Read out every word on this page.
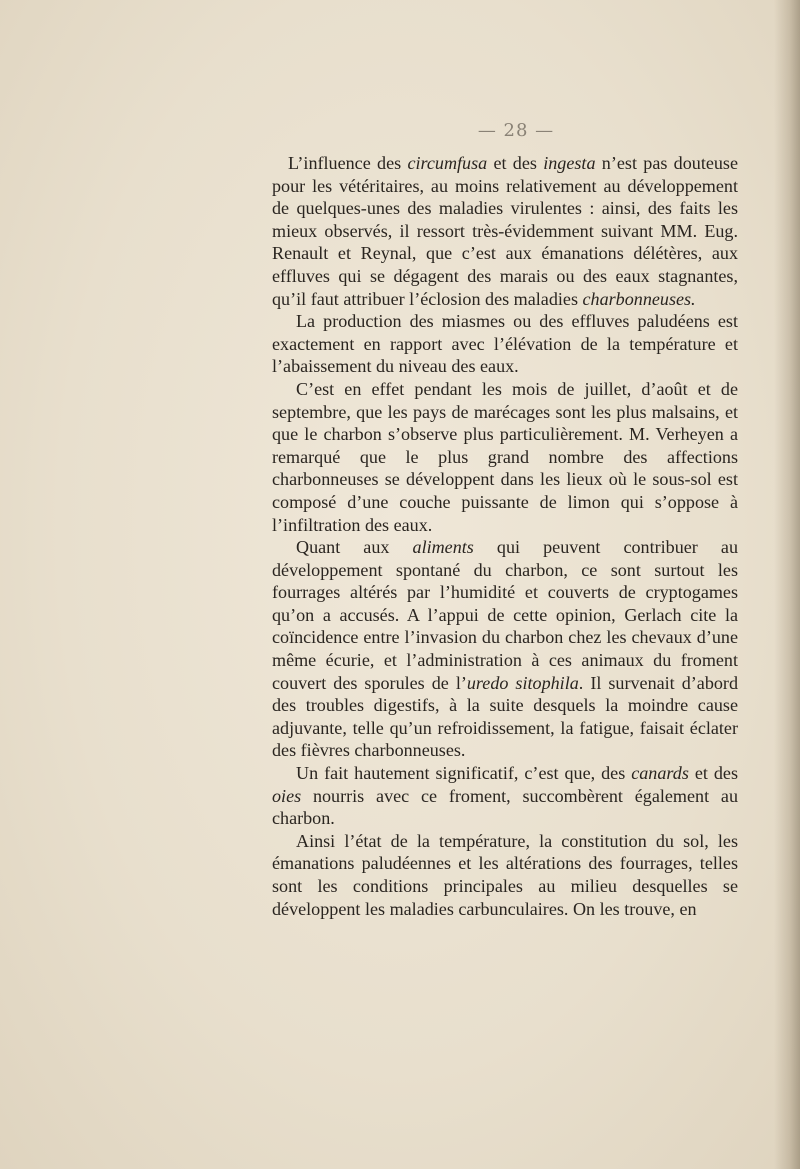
— 28 —

L’influence des circumfusa et des ingesta n’est pas douteuse pour les vétéritaires, au moins relativement au développement de quelques-unes des maladies virulentes : ainsi, des faits les mieux observés, il ressort très-évidemment suivant MM. Eug. Renault et Reynal, que c’est aux émanations délétères, aux effluves qui se dégagent des marais ou des eaux stagnantes, qu’il faut attribuer l’éclosion des maladies charbonneuses.

La production des miasmes ou des effluves paludéens est exactement en rapport avec l’élévation de la température et l’abaissement du niveau des eaux.

C’est en effet pendant les mois de juillet, d’août et de septembre, que les pays de marécages sont les plus malsains, et que le charbon s’observe plus particulièrement. M. Verheyen a remarqué que le plus grand nombre des affections charbonneuses se développent dans les lieux où le sous-sol est composé d’une couche puissante de limon qui s’oppose à l’infiltration des eaux.

Quant aux aliments qui peuvent contribuer au développement spontané du charbon, ce sont surtout les fourrages altérés par l’humidité et couverts de cryptogames qu’on a accusés. A l’appui de cette opinion, Gerlach cite la coïncidence entre l’invasion du charbon chez les chevaux d’une même écurie, et l’administration à ces animaux du froment couvert des sporules de l’uredo sitophila. Il survenait d’abord des troubles digestifs, à la suite desquels la moindre cause adjuvante, telle qu’un refroidissement, la fatigue, faisait éclater des fièvres charbonneuses.

Un fait hautement significatif, c’est que, des canards et des oies nourris avec ce froment, succombèrent également au charbon.

Ainsi l’état de la température, la constitution du sol, les émanations paludéennes et les altérations des fourrages, telles sont les conditions principales au milieu desquelles se développent les maladies carbunculaires. On les trouve, en
